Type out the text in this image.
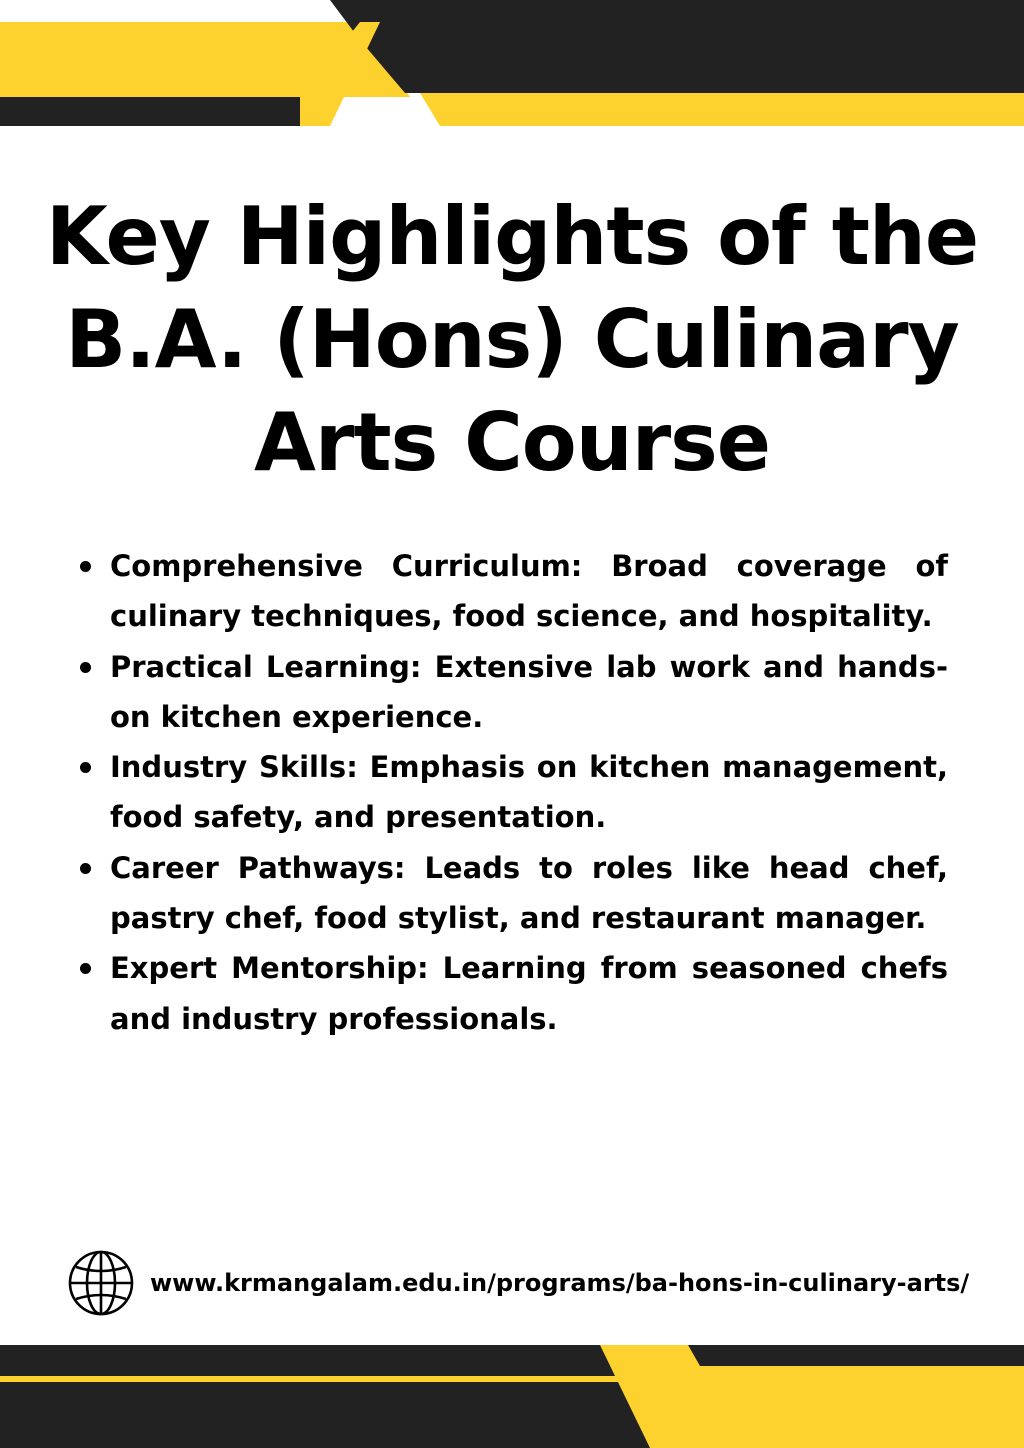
Key Highlights of the
B.A. (Hons) Culinary
Arts Course
Comprehensive Curriculum: Broad coverage of culinary techniques, food science, and hospitality.
Practical Learning: Extensive lab work and hands-on kitchen experience.
Industry Skills: Emphasis on kitchen management, food safety, and presentation.
Career Pathways: Leads to roles like head chef, pastry chef, food stylist, and restaurant manager.
Expert Mentorship: Learning from seasoned chefs and industry professionals.
www.krmangalam.edu.in/programs/ba-hons-in-culinary-arts/
